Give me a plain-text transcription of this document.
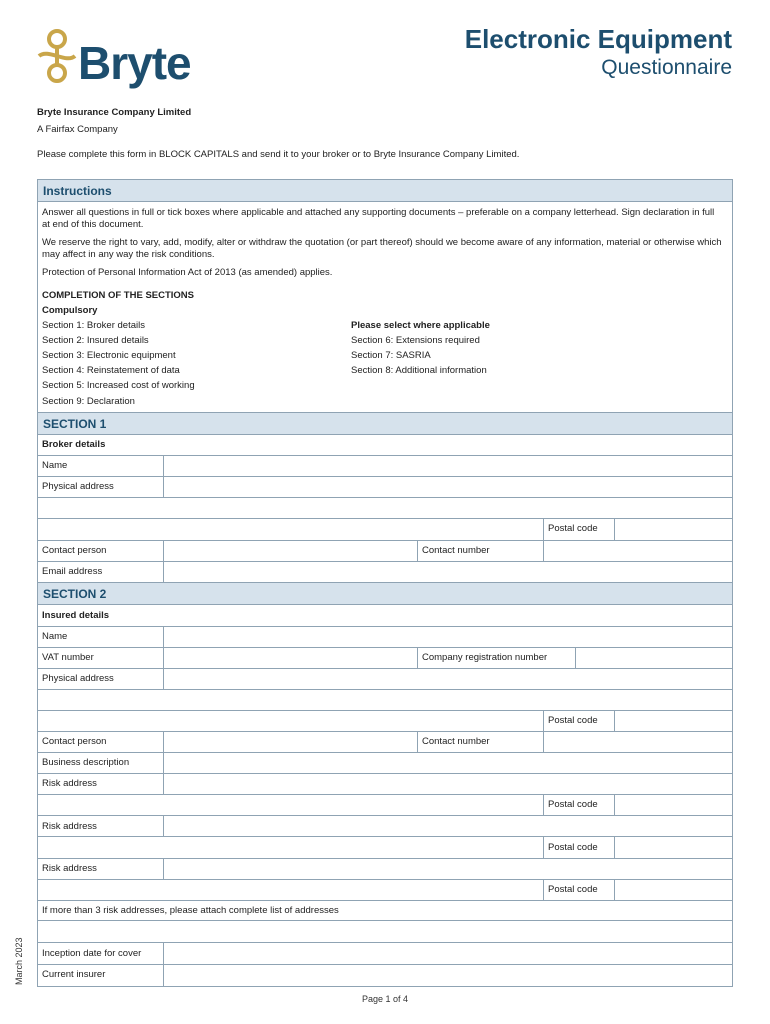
Bryte	Electronic Equipment
Questionnaire
Bryte Insurance Company Limited
A Fairfax Company
Please complete this form in BLOCK CAPITALS and send it to your broker or to Bryte Insurance Company Limited.
Instructions
Answer all questions in full or tick boxes where applicable and attached any supporting documents – preferable on a company letterhead. Sign declaration in full at end of this document.
We reserve the right to vary, add, modify, alter or withdraw the quotation (or part thereof) should we become aware of any information, material or otherwise which may affect in any way the risk conditions.
Protection of Personal Information Act of 2013 (as amended) applies.
COMPLETION OF THE SECTIONS
Compulsory
Section 1: Broker details
Section 2: Insured details
Section 3: Electronic equipment
Section 4: Reinstatement of data
Section 5: Increased cost of working
Section 9: Declaration
Please select where applicable
Section 6: Extensions required
Section 7: SASRIA
Section 8: Additional information
SECTION 1
Broker details
Name
Physical address
Postal code
Contact person	Contact number
Email address
SECTION 2
Insured details
Name
VAT number	Company registration number
Physical address
Postal code
Contact person	Contact number
Business description
Risk address
Postal code
Risk address
Postal code
Risk address
Postal code
If more than 3 risk addresses, please attach complete list of addresses
Inception date for cover
Current insurer
March 2023
Page 1 of 4
